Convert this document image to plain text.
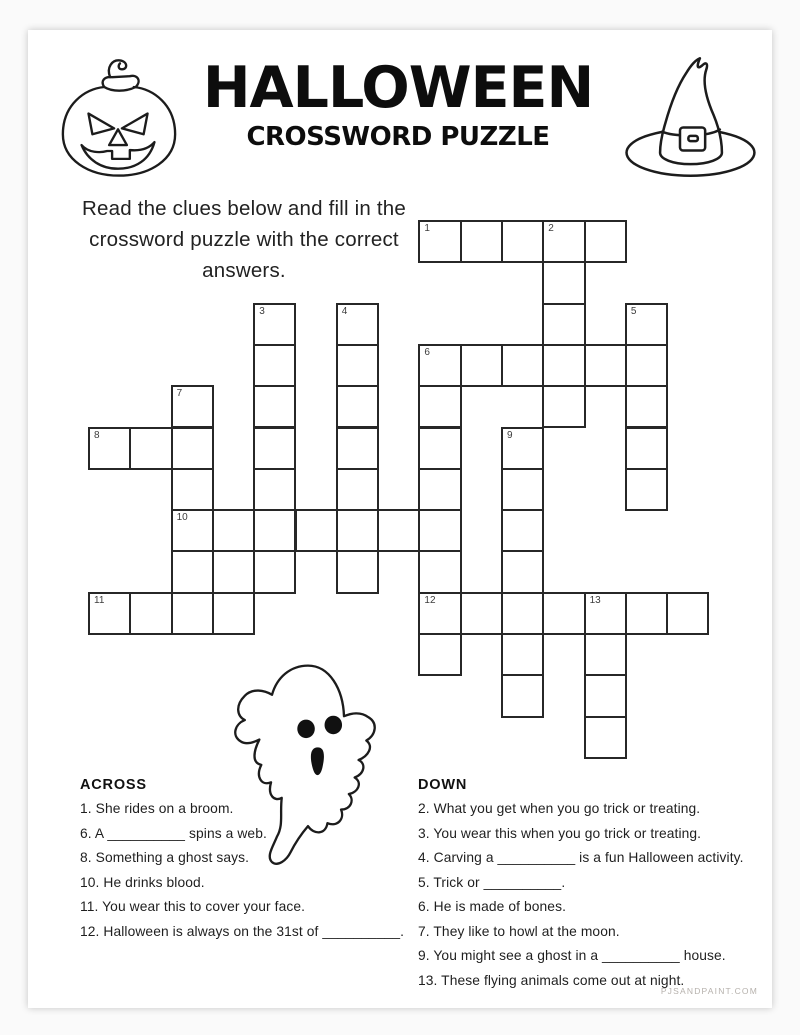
HALLOWEEN
CROSSWORD PUZZLE
Read the clues below and fill in the crossword puzzle with the correct answers.
1	2
3	4	5
6
7
8	9
10
11	12	13
ACROSS
1. She rides on a broom.
6. A __________ spins a web.
8. Something a ghost says.
10. He drinks blood.
11. You wear this to cover your face.
12. Halloween is always on the 31st of __________.
DOWN
2. What you get when you go trick or treating.
3. You wear this when you go trick or treating.
4. Carving a __________ is a fun Halloween activity.
5. Trick or __________.
6. He is made of bones.
7. They like to howl at the moon.
9. You might see a ghost in a __________ house.
13. These flying animals come out at night.
PJSANDPAINT.COM
